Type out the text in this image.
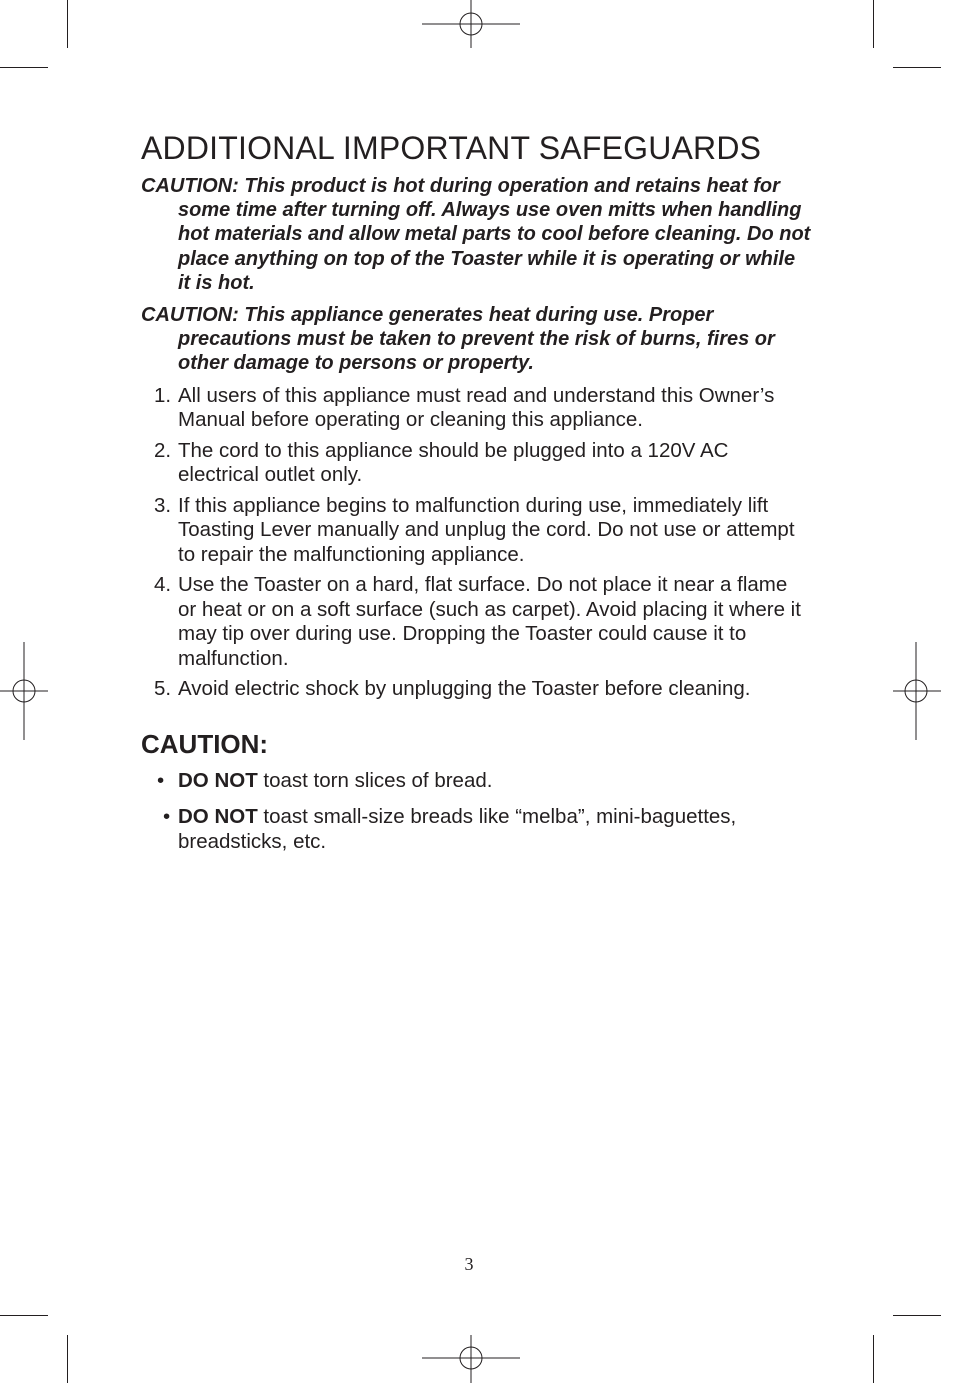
ADDITIONAL IMPORTANT SAFEGUARDS

CAUTION: This product is hot during operation and retains heat for some time after turning off. Always use oven mitts when handling hot materials and allow metal parts to cool before cleaning. Do not place anything on top of the Toaster while it is operating or while it is hot.

CAUTION: This appliance generates heat during use. Proper precautions must be taken to prevent the risk of burns, fires or other damage to persons or property.

1. All users of this appliance must read and understand this Owner’s Manual before operating or cleaning this appliance.
2. The cord to this appliance should be plugged into a 120V AC electrical outlet only.
3. If this appliance begins to malfunction during use, immediately lift Toasting Lever manually and unplug the cord. Do not use or attempt to repair the malfunctioning appliance.
4. Use the Toaster on a hard, flat surface. Do not place it near a flame or heat or on a soft surface (such as carpet). Avoid placing it where it may tip over during use. Dropping the Toaster could cause it to malfunction.
5. Avoid electric shock by unplugging the Toaster before cleaning.
CAUTION:
• DO NOT toast torn slices of bread.
• DO NOT toast small-size breads like “melba”, mini-baguettes, breadsticks, etc.
3
